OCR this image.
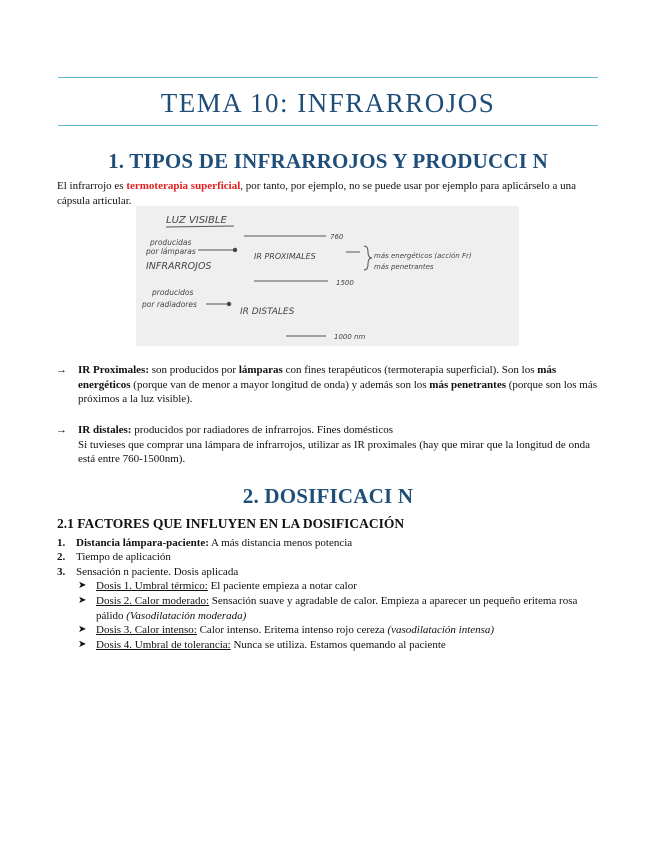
TEMA 10: INFRARROJOS
1. TIPOS DE INFRARROJOS Y PRODUCCI N

El infrarrojo es termoterapia superficial, por tanto, por ejemplo, no se puede usar por ejemplo para aplicárselo a una cápsula articular.

LUZ VISIBLE
760
producidas
por lámparas
INFRARROJOS
IR PROXIMALES	más energéticos (acción Fr)
más penetrantes
1500
producidos
por radiadores
IR DISTALES
1000 nm
→ IR Proximales: son producidos por lámparas con fines terapéuticos (termoterapia superficial). Son los más energéticos (porque van de menor a mayor longitud de onda) y además son los más penetrantes (porque son los más próximos a la luz visible).

→ IR distales: producidos por radiadores de infrarrojos. Fines domésticos
Si tuvieses que comprar una lámpara de infrarrojos, utilizar as IR proximales (hay que mirar que la longitud de onda está entre 760-1500nm).

2. DOSIFICACI N
2.1 FACTORES QUE INFLUYEN EN LA DOSIFICACIÓN
1. Distancia lámpara-paciente: A más distancia menos potencia
2. Tiempo de aplicación
3. Sensación n paciente. Dosis aplicada
➤ Dosis 1. Umbral térmico: El paciente empieza a notar calor
➤ Dosis 2. Calor moderado: Sensación suave y agradable de calor. Empieza a aparecer un pequeño eritema rosa pálido (Vasodilatación moderada)
➤ Dosis 3. Calor intenso: Calor intenso. Eritema intenso rojo cereza (vasodilatación intensa)
➤ Dosis 4. Umbral de tolerancia: Nunca se utiliza. Estamos quemando al paciente
